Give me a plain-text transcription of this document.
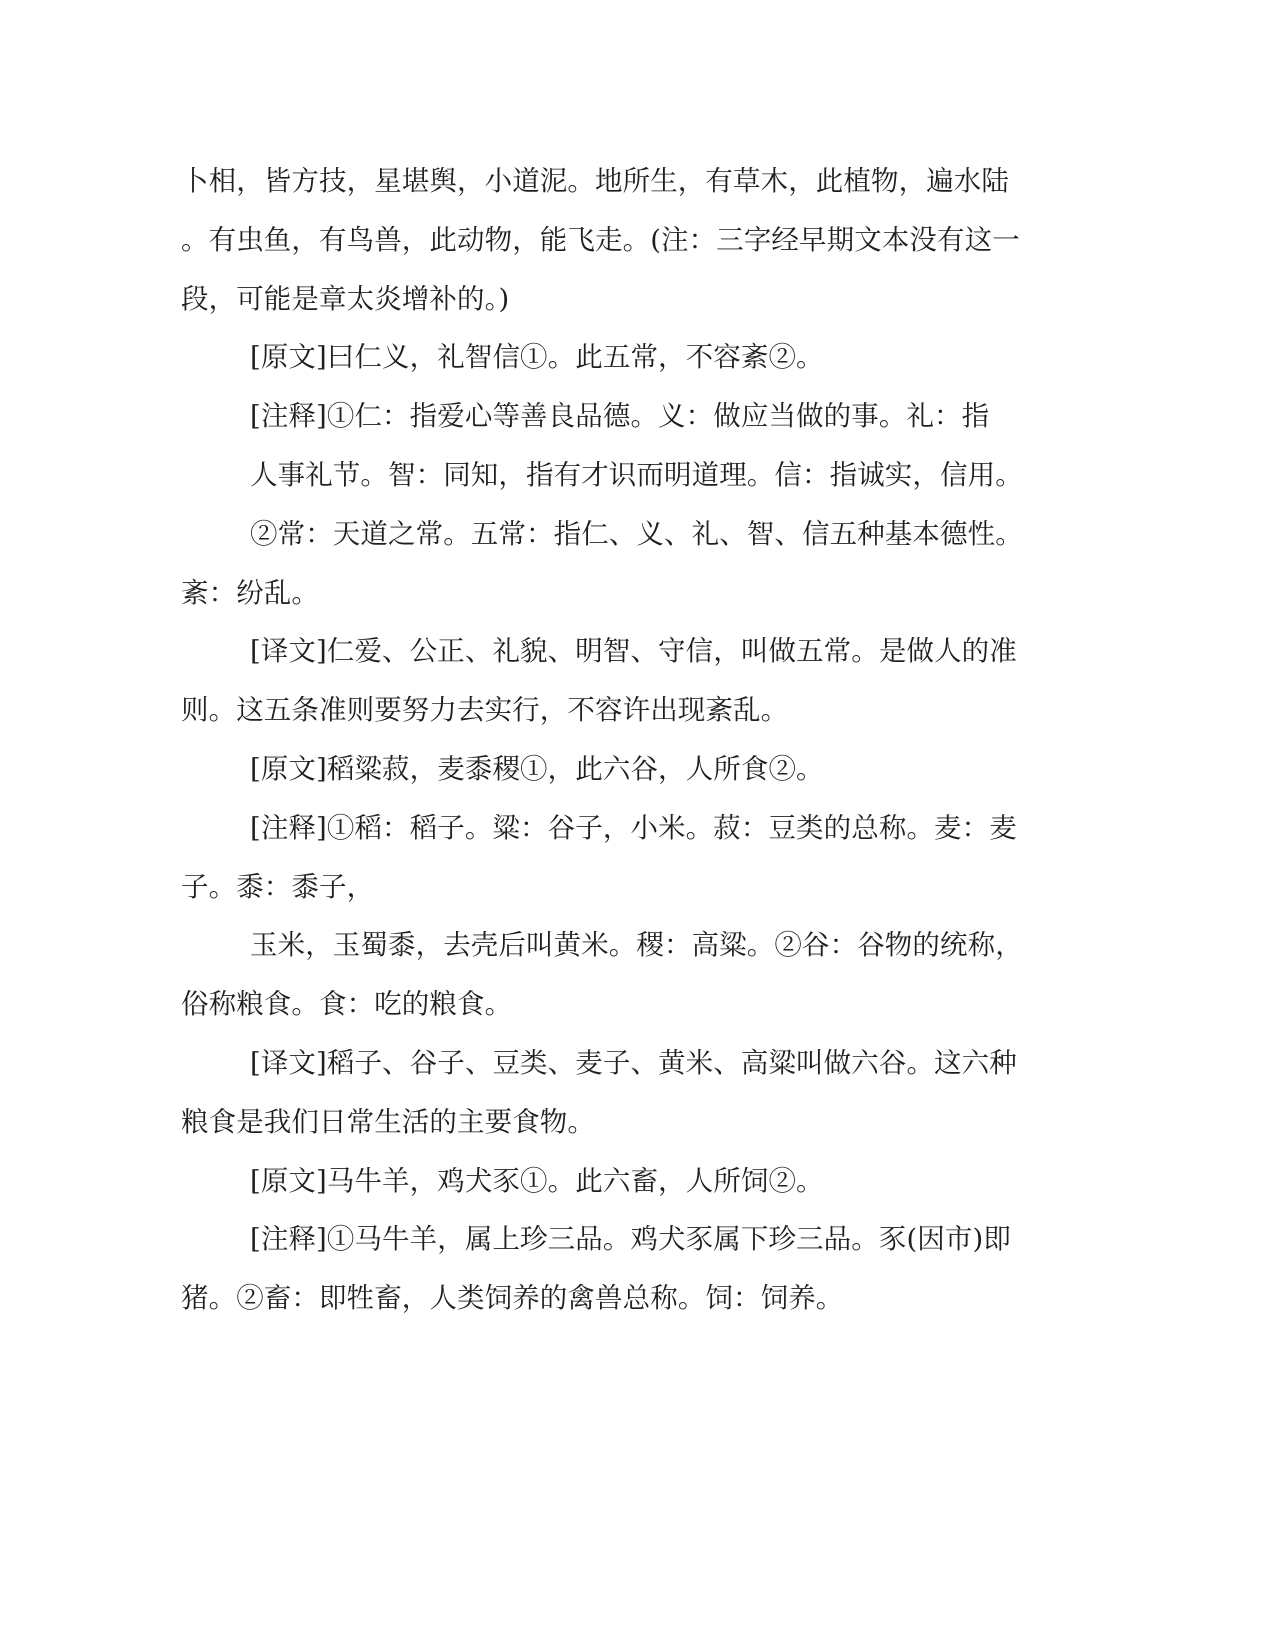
卜相，皆方技，星堪舆，小道泥。地所生，有草木，此植物，遍水陆
。有虫鱼，有鸟兽，此动物，能飞走。(注：三字经早期文本没有这一
段，可能是章太炎增补的。)
[原文]曰仁义，礼智信①。此五常，不容紊②。
[注释]①仁：指爱心等善良品德。义：做应当做的事。礼：指
人事礼节。智：同知，指有才识而明道理。信：指诚实，信用。
②常：天道之常。五常：指仁、义、礼、智、信五种基本德性。
紊：纷乱。
[译文]仁爱、公正、礼貌、明智、守信，叫做五常。是做人的准
则。这五条准则要努力去实行，不容许出现紊乱。
[原文]稻粱菽，麦黍稷①，此六谷，人所食②。
[注释]①稻：稻子。粱：谷子，小米。菽：豆类的总称。麦：麦
子。黍：黍子，
玉米，玉蜀黍，去壳后叫黄米。稷：高粱。②谷：谷物的统称，
俗称粮食。食：吃的粮食。
[译文]稻子、谷子、豆类、麦子、黄米、高粱叫做六谷。这六种
粮食是我们日常生活的主要食物。
[原文]马牛羊，鸡犬豕①。此六畜，人所饲②。
[注释]①马牛羊，属上珍三品。鸡犬豕属下珍三品。豕(因市)即
猪。②畜：即牲畜，人类饲养的禽兽总称。饲：饲养。
